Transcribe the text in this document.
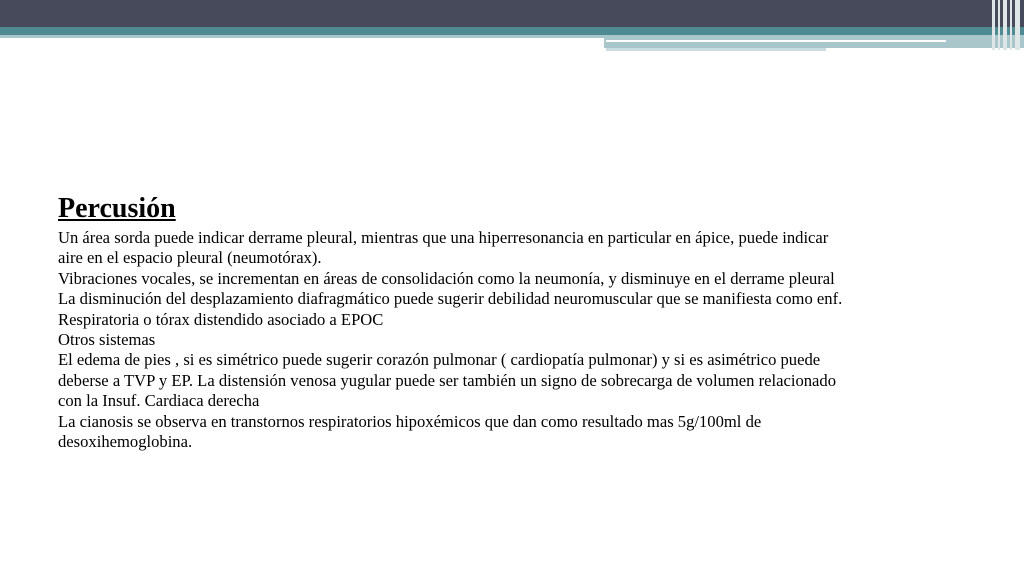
Percusión

Un área sorda puede indicar derrame pleural, mientras que una hiperresonancia en particular en ápice, puede indicar

aire en el espacio pleural (neumotórax).

Vibraciones vocales, se incrementan en áreas de consolidación como la neumonía, y disminuye en el derrame pleural

La disminución del desplazamiento diafragmático puede sugerir debilidad neuromuscular que se manifiesta como enf.

Respiratoria o tórax distendido asociado a EPOC

Otros sistemas

El edema de pies , si es simétrico puede sugerir corazón pulmonar ( cardiopatía pulmonar) y si es asimétrico puede

deberse a TVP y EP. La distensión venosa yugular puede ser también un signo de sobrecarga de volumen relacionado

con la Insuf. Cardiaca derecha

La cianosis se observa en transtornos respiratorios hipoxémicos que dan como resultado mas 5g/100ml de

desoxihemoglobina.
